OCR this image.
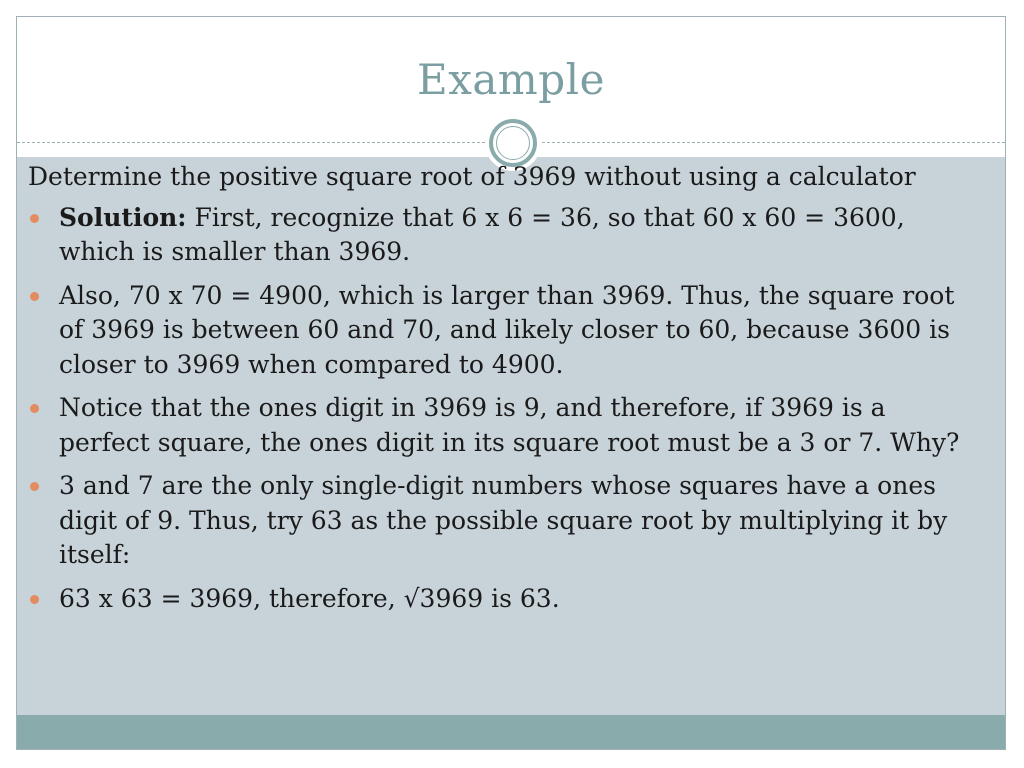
Example

Determine the positive square root of 3969 without using a calculator

Solution: First, recognize that 6 x 6 = 36, so that 60 x 60 = 3600, which is smaller than 3969.
Also, 70 x 70 = 4900, which is larger than 3969. Thus, the square root of 3969 is between 60 and 70, and likely closer to 60, because 3600 is closer to 3969 when compared to 4900.
Notice that the ones digit in 3969 is 9, and therefore, if 3969 is a perfect square, the ones digit in its square root must be a 3 or 7. Why?
3 and 7 are the only single-digit numbers whose squares have a ones digit of 9. Thus, try 63 as the possible square root by multiplying it by itself:
63 x 63 = 3969, therefore, √3969 is 63.
